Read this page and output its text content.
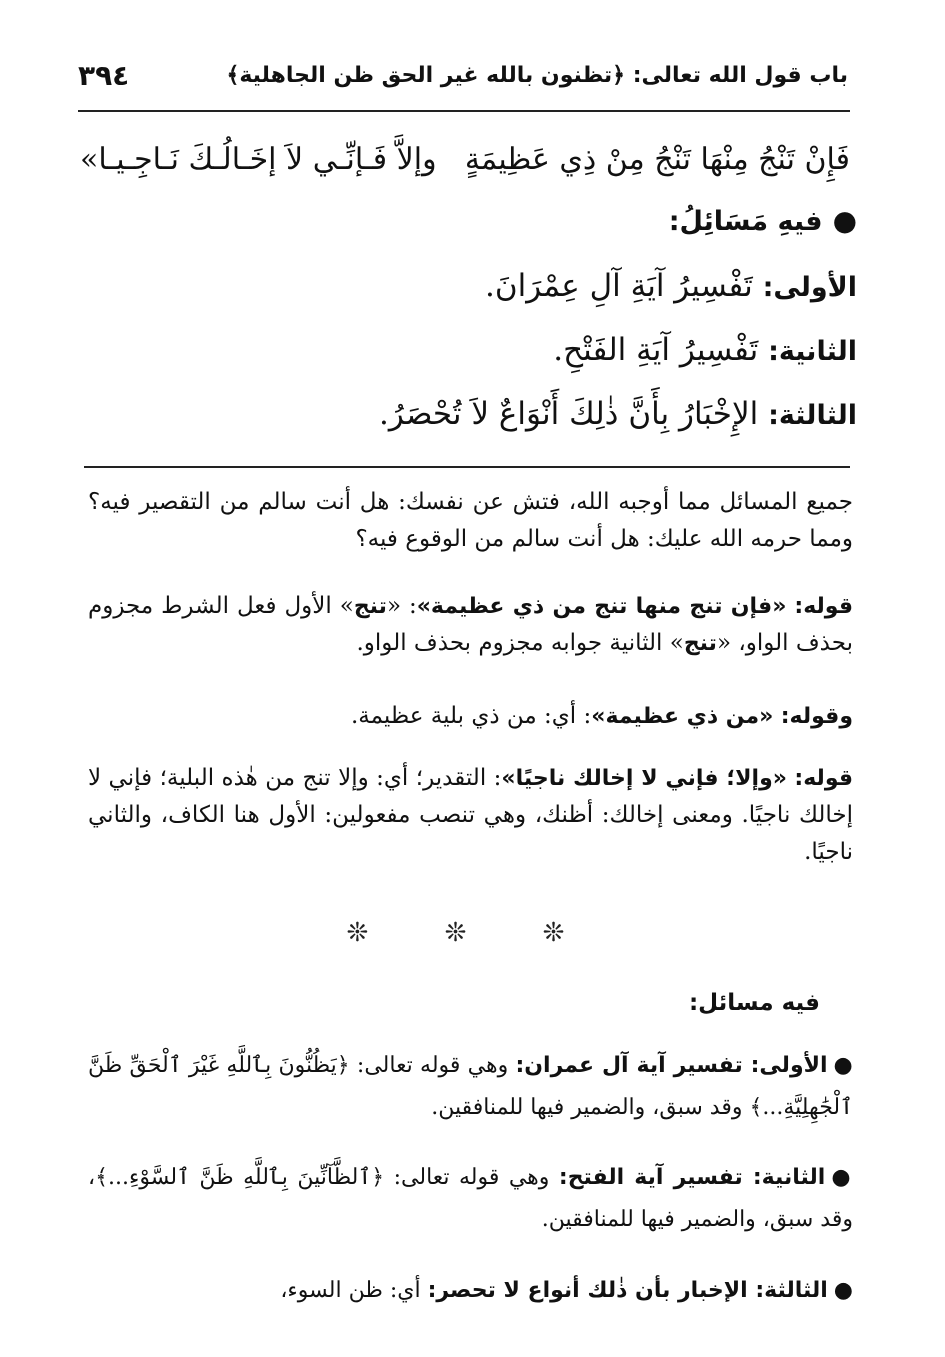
باب قول الله تعالى: ﴿تظنون بالله غير الحق ظن الجاهلية﴾
٣٩٤
فَإِنْ تَنْجُ مِنْهَا تَنْجُ مِنْ ذِي عَظِيمَةٍ
وإلاَّ فَـإنِّـي لاَ إخَـالُـكَ نَـاجِـيـا»
●فيهِ مَسَائِلُ:
الأولى: تَفْسِيرُ آيَةِ آلِ عِمْرَانَ.
الثانية: تَفْسِيرُ آيَةِ الفَتْحِ.
الثالثة: الإِخْبَارُ بِأَنَّ ذٰلِكَ أَنْوَاعٌ لاَ تُحْصَرُ.
جميع المسائل مما أوجبه الله، فتش عن نفسك: هل أنت سالم من التقصير فيه؟ ومما حرمه الله عليك: هل أنت سالم من الوقوع فيه؟
قوله: «فإن تنج منها تنج من ذي عظيمة»: «تنج» الأول فعل الشرط مجزوم بحذف الواو، «تنج» الثانية جوابه مجزوم بحذف الواو.
وقوله: «من ذي عظيمة»: أي: من ذي بلية عظيمة.
قوله: «وإلا؛ فإني لا إخالك ناجيًا»: التقدير؛ أي: وإلا تنج من هٰذه البلية؛ فإني لا إخالك ناجيًا. ومعنى إخالك: أظنك، وهي تنصب مفعولين: الأول هنا الكاف، والثاني ناجيًا.
❊ ❊ ❊
فيه مسائل:
●الأولى: تفسير آية آل عمران: وهي قوله تعالى: ﴿يَظُنُّونَ بِٱللَّهِ غَيْرَ ٱلْحَقِّ ظَنَّ ٱلْجَٰهِلِيَّةِ...﴾ وقد سبق، والضمير فيها للمنافقين.
●الثانية: تفسير آية الفتح: وهي قوله تعالى: ﴿ٱلظَّآنِّينَ بِٱللَّهِ ظَنَّ ٱلسَّوْءِ...﴾، وقد سبق، والضمير فيها للمنافقين.
●الثالثة: الإخبار بأن ذٰلك أنواع لا تحصر: أي: ظن السوء،
